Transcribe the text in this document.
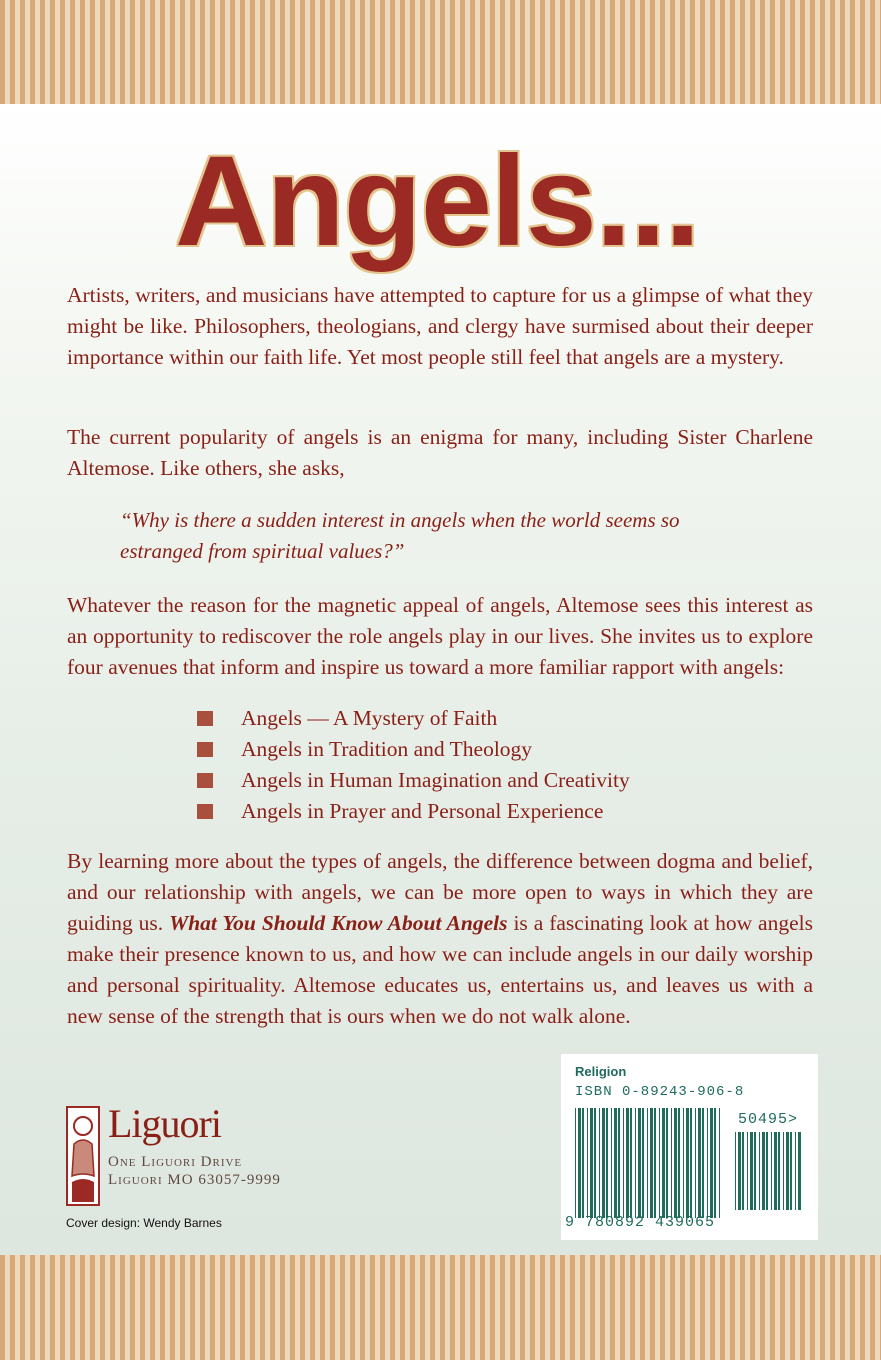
Angels...

Artists, writers, and musicians have attempted to capture for us a glimpse of what they might be like. Philosophers, theologians, and clergy have surmised about their deeper importance within our faith life. Yet most people still feel that angels are a mystery.

The current popularity of angels is an enigma for many, including Sister Charlene Altemose. Like others, she asks,

“Why is there a sudden interest in angels when the world seems so estranged from spiritual values?”

Whatever the reason for the magnetic appeal of angels, Altemose sees this interest as an opportunity to rediscover the role angels play in our lives. She invites us to explore four avenues that inform and inspire us toward a more familiar rapport with angels:

Angels — A Mystery of Faith
Angels in Tradition and Theology
Angels in Human Imagination and Creativity
Angels in Prayer and Personal Experience

By learning more about the types of angels, the difference between dogma and belief, and our relationship with angels, we can be more open to ways in which they are guiding us. What You Should Know About Angels is a fascinating look at how angels make their presence known to us, and how we can include angels in our daily worship and personal spirituality. Altemose educates us, entertains us, and leaves us with a new sense of the strength that is ours when we do not walk alone.

Liguori
One Liguori Drive
Liguori MO 63057-9999
Cover design: Wendy Barnes
Religion
ISBN 0-89243-906-8
50495>
9 780892 439065
